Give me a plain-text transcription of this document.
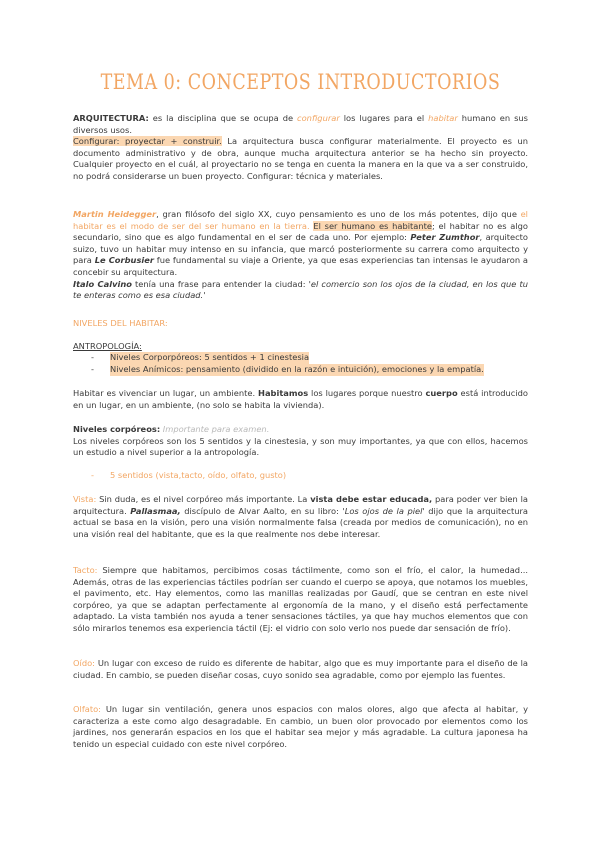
TEMA 0: CONCEPTOS INTRODUCTORIOS
ARQUITECTURA: es la disciplina que se ocupa de configurar los lugares para el habitar humano en sus diversos usos.
Configurar: proyectar + construir. La arquitectura busca configurar materialmente. El proyecto es un documento administrativo y de obra, aunque mucha arquitectura anterior se ha hecho sin proyecto. Cualquier proyecto en el cuál, al proyectario no se tenga en cuenta la manera en la que va a ser construido, no podrá considerarse un buen proyecto. Configurar: técnica y materiales.
Martin Heidegger, gran filósofo del siglo XX, cuyo pensamiento es uno de los más potentes, dijo que el habitar es el modo de ser del ser humano en la tierra. El ser humano es habitante; el habitar no es algo secundario, sino que es algo fundamental en el ser de cada uno. Por ejemplo: Peter Zumthor, arquitecto suizo, tuvo un habitar muy intenso en su infancia, que marcó posteriormente su carrera como arquitecto y para Le Corbusier fue fundamental su viaje a Oriente, ya que esas experiencias tan intensas le ayudaron a concebir su arquitectura.
Italo Calvino tenía una frase para entender la ciudad: 'el comercio son los ojos de la ciudad, en los que tu te enteras como es esa ciudad.'
NIVELES DEL HABITAR:
ANTROPOLOGÍA:
- Niveles Corporpóreos: 5 sentidos + 1 cinestesia
- Niveles Anímicos: pensamiento (dividido en la razón e intuición), emociones y la empatía.
Habitar es vivenciar un lugar, un ambiente. Habitamos los lugares porque nuestro cuerpo está introducido en un lugar, en un ambiente, (no solo se habita la vivienda).
Niveles corpóreos: Importante para examen.
Los niveles corpóreos son los 5 sentidos y la cinestesia, y son muy importantes, ya que con ellos, hacemos un estudio a nivel superior a la antropología.
- 5 sentidos (vista,tacto, oído, olfato, gusto)
Vista: Sin duda, es el nivel corpóreo más importante. La vista debe estar educada, para poder ver bien la arquitectura. Pallasmaa, discípulo de Alvar Aalto, en su libro: 'Los ojos de la piel' dijo que la arquitectura actual se basa en la visión, pero una visión normalmente falsa (creada por medios de comunicación), no en una visión real del habitante, que es la que realmente nos debe interesar.
Tacto: Siempre que habitamos, percibimos cosas táctilmente, como son el frío, el calor, la humedad... Además, otras de las experiencias táctiles podrían ser cuando el cuerpo se apoya, que notamos los muebles, el pavimento, etc. Hay elementos, como las manillas realizadas por Gaudí, que se centran en este nivel corpóreo, ya que se adaptan perfectamente al ergonomía de la mano, y el diseño está perfectamente adaptado. La vista también nos ayuda a tener sensaciones táctiles, ya que hay muchos elementos que con sólo mirarlos tenemos esa experiencia táctil (Ej: el vidrio con solo verlo nos puede dar sensación de frío).
Oído: Un lugar con exceso de ruido es diferente de habitar, algo que es muy importante para el diseño de la ciudad. En cambio, se pueden diseñar cosas, cuyo sonido sea agradable, como por ejemplo las fuentes.
Olfato: Un lugar sin ventilación, genera unos espacios con malos olores, algo que afecta al habitar, y caracteriza a este como algo desagradable. En cambio, un buen olor provocado por elementos como los jardines, nos generarán espacios en los que el habitar sea mejor y más agradable. La cultura japonesa ha tenido un especial cuidado con este nivel corpóreo.
